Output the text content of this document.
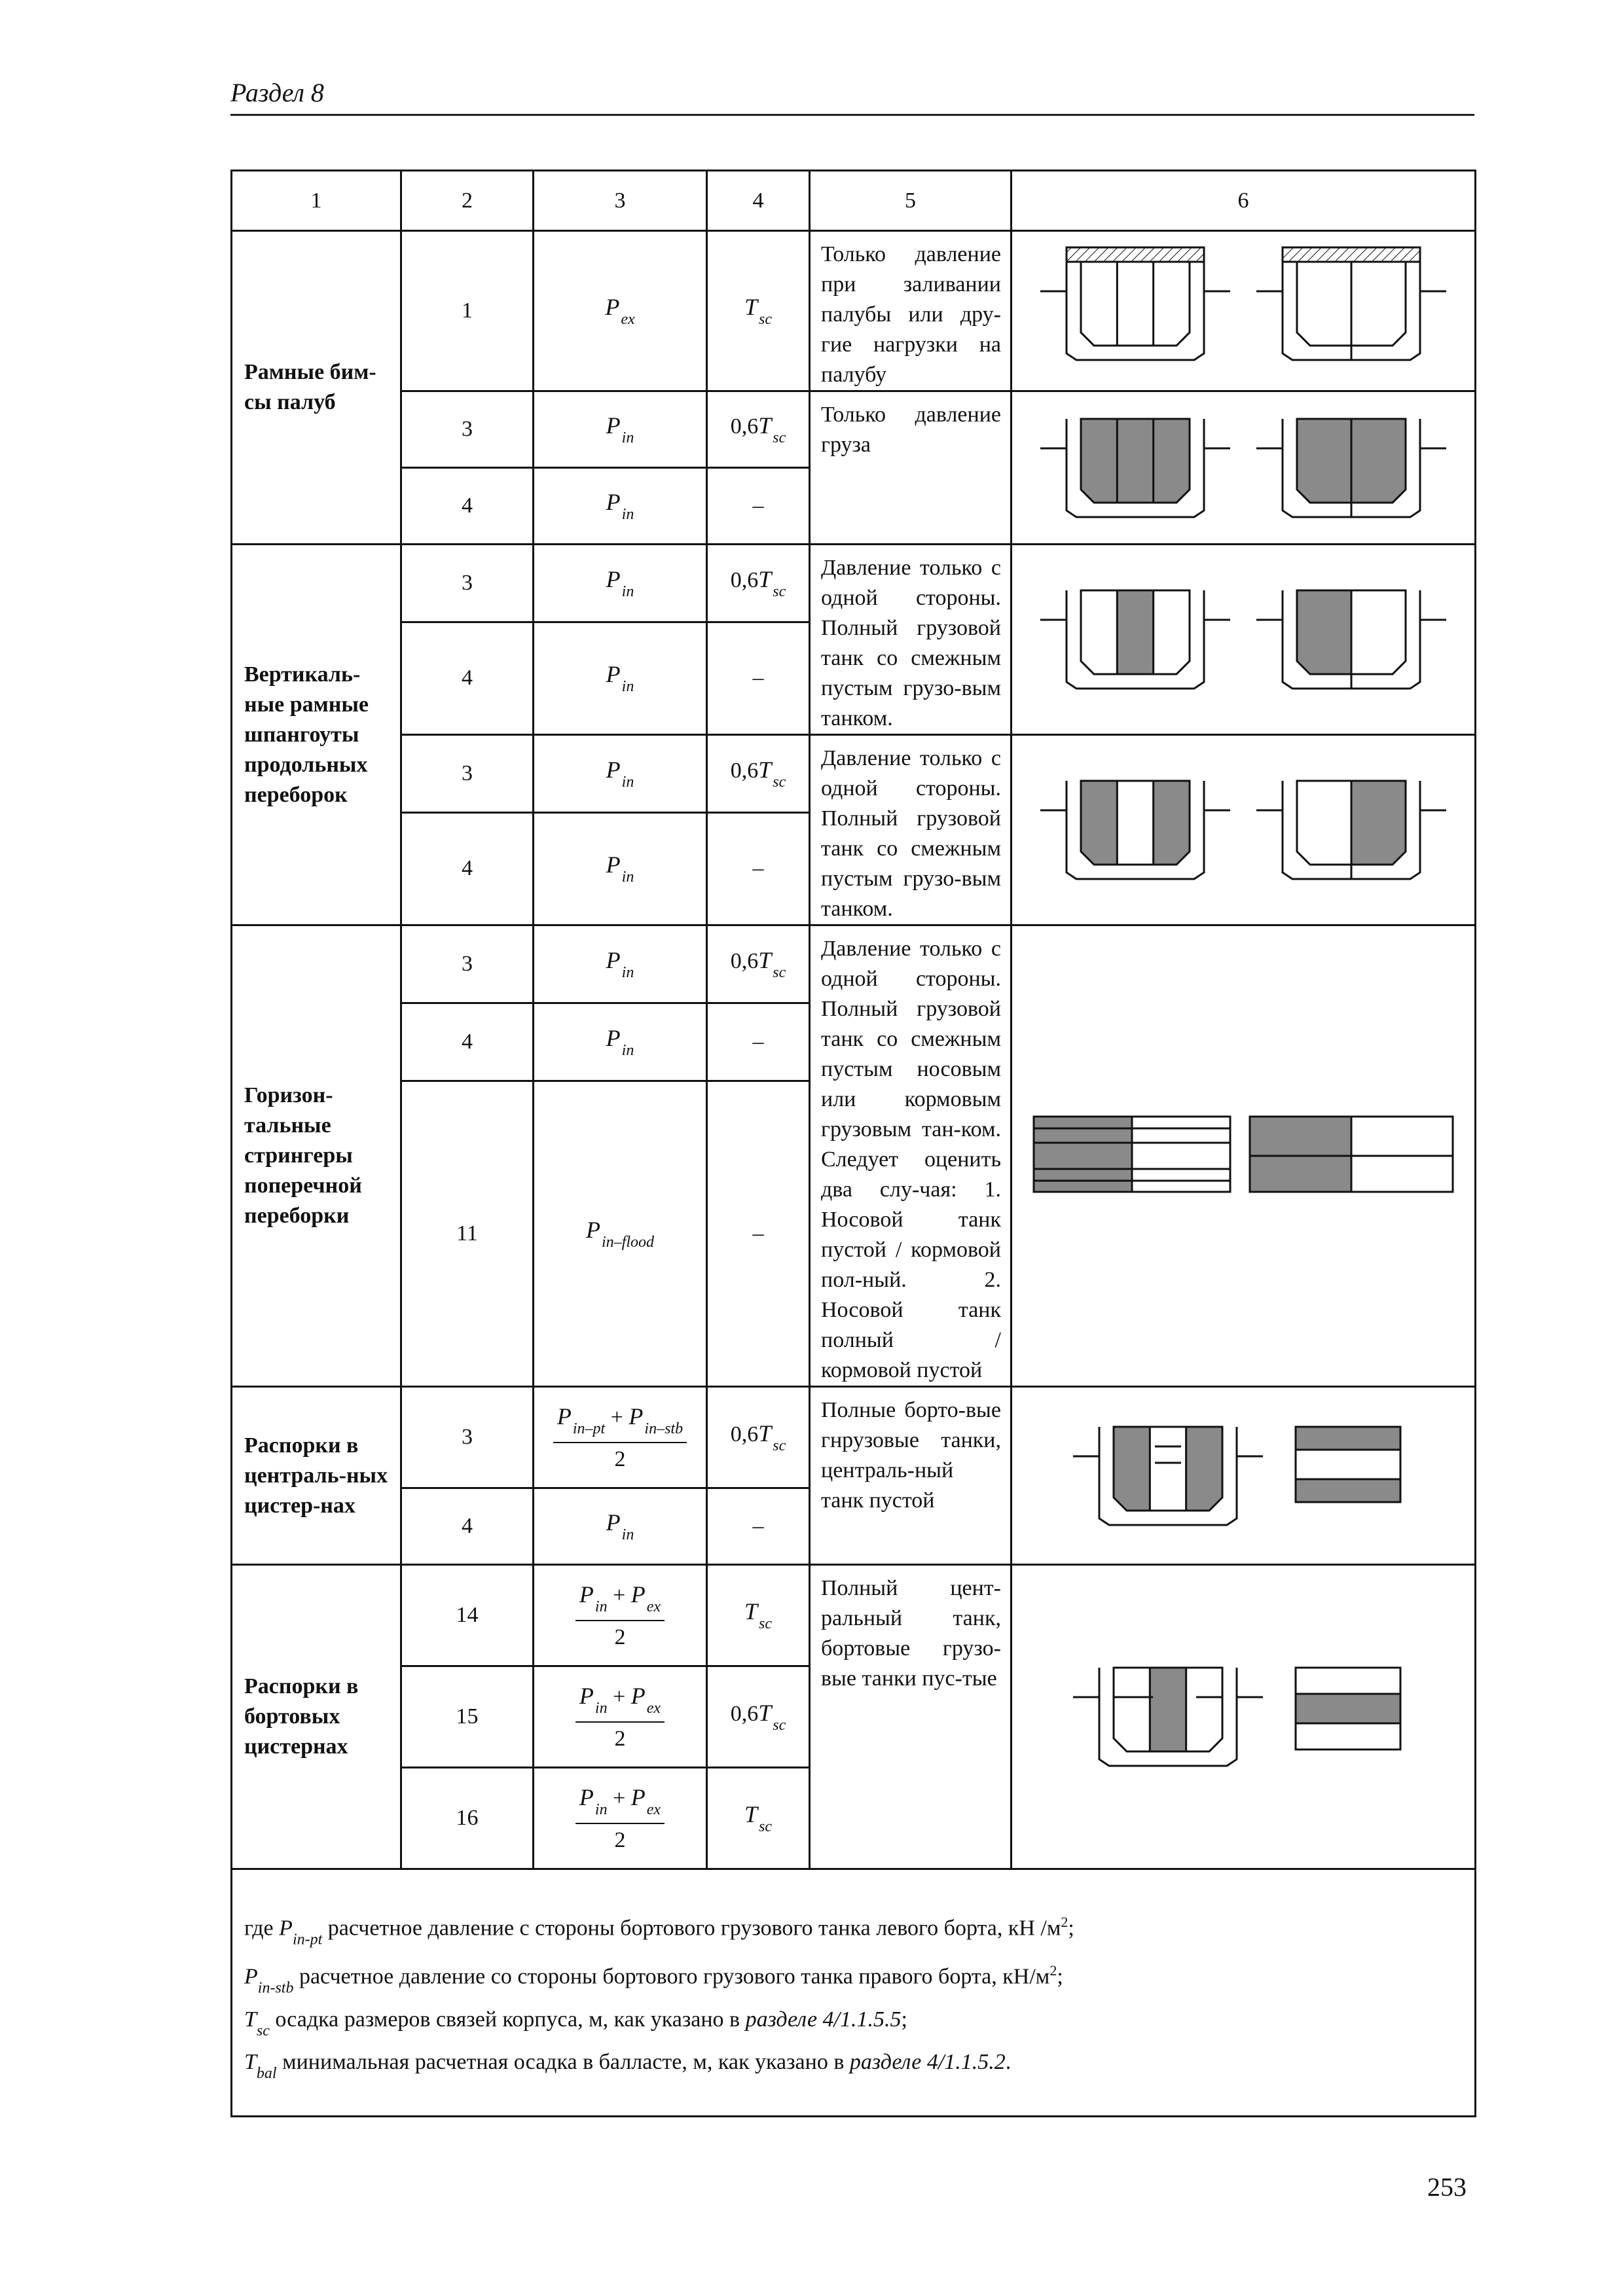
Раздел 8
1	2	3	4	5	6
Рамные бим-сы палуб	1	$P_{ex}$	$T_{sc}$	Только давление при заливании палубы или дру-гие нагрузки на палубу	

	3	$P_{in}$	$0,6T_{sc}$	Только давление груза	

	4	$P_{in}$	–		
Вертикаль-ные рамные шпангоуты продольных переборок	3	$P_{in}$	$0,6T_{sc}$	Давление только с одной стороны. Полный грузовой танк со смежным пустым грузо-вым танком.	

	4	$P_{in}$	–		
	3	$P_{in}$	$0,6T_{sc}$	Давление только с одной стороны. Полный грузовой танк со смежным пустым грузо-вым танком.	

	4	$P_{in}$	–		
Горизон-тальные стрингеры поперечной переборки	3	$P_{in}$	$0,6T_{sc}$	Давление только с одной стороны. Полный грузовой танк со смежным пустым носовым или кормовым грузовым тан-ком. Следует оценить два слу-чая: 1. Носовой танк пустой / кормовой пол-ный. 2. Носовой танк полный / кормовой пустой	

	4	$P_{in}$	–		
	11	$P_{in-flood}$	–		
Распорки в централь-ных цистер-нах	3	$\frac{P_{in-pt} + P_{in-stb}}{2}$	$0,6T_{sc}$	Полные борто-вые гнрузовые танки, централь-ный танк пустой	

	4	$P_{in}$	–		
Распорки в бортовых цистернах	14	$\frac{P_{in} + P_{ex}}{2}$	$T_{sc}$	Полный цент-ральный танк, бортовые грузо-вые танки пус-тые	

	15	$\frac{P_{in} + P_{ex}}{2}$	$0,6T_{sc}$
	16	$\frac{P_{in} + P_{ex}}{2}$	$T_{sc}$

где $P_{in-pt}$ расчетное давление с стороны бортового грузового танка левого борта, кН $/м^2$;
$P_{in-stb}$ расчетное давление со стороны бортового грузового танка правого борта, $кН/м^2$;
$T_{sc}$ осадка размеров связей корпуса, м, как указано в разделе 4/1.1.5.5;
$T_{bal}$ минимальная расчетная осадка в балласте, м, как указано в разделе 4/1.1.5.2.					
253
